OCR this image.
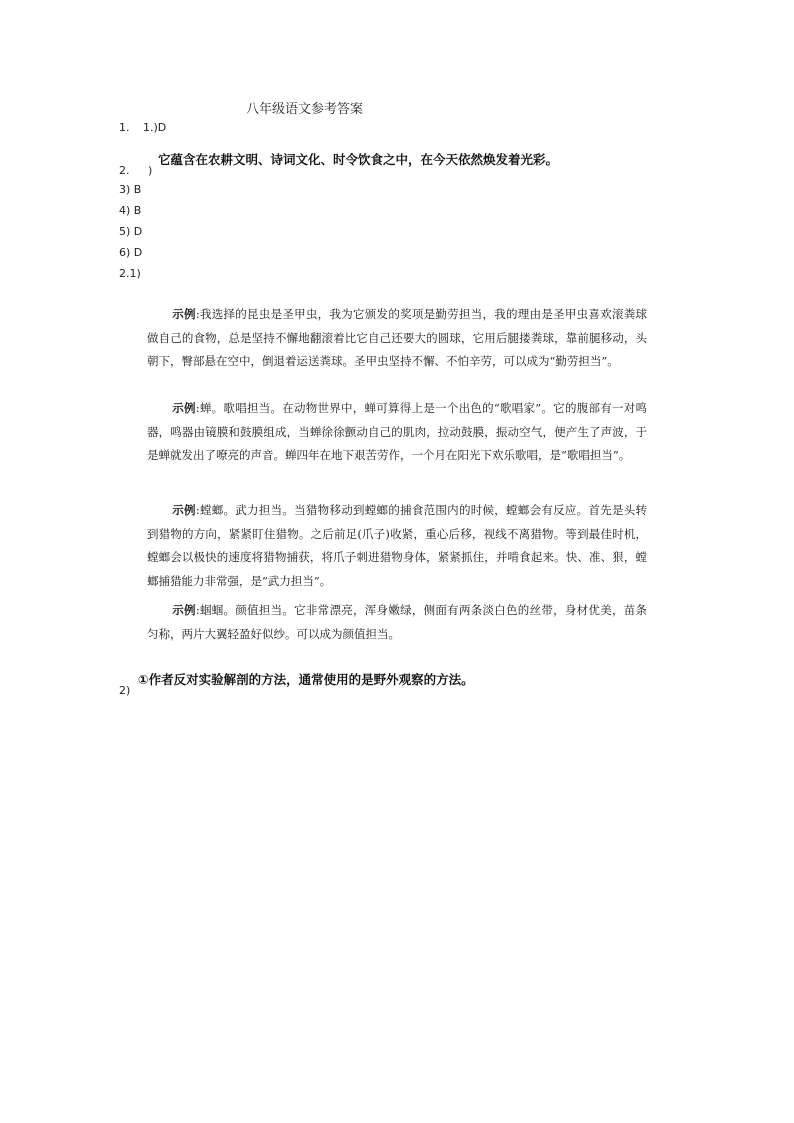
八年级语文参考答案
1. 1.)D
它蕴含在农耕文明、诗词文化、时令饮食之中，在今天依然焕发着光彩。
2. )
3) B
4) B
5) D
6) D
2.1)
示例:我选择的昆虫是圣甲虫，我为它颁发的奖项是勤劳担当，我的理由是圣甲虫喜欢滚粪球做自己的食物，总是坚持不懈地翻滚着比它自己还要大的圆球，它用后腿搂粪球，靠前腿移动，头朝下，臀部悬在空中，倒退着运送粪球。圣甲虫坚持不懈、不怕辛劳，可以成为“勤劳担当”。
示例:蝉。歌唱担当。在动物世界中，蝉可算得上是一个出色的“歌唱家”。它的腹部有一对鸣器，鸣器由镜膜和鼓膜组成，当蝉徐徐颤动自己的肌肉，拉动鼓膜，振动空气，便产生了声波，于是蝉就发出了嘹亮的声音。蝉四年在地下艰苦劳作，一个月在阳光下欢乐歌唱，是“歌唱担当”。
示例:螳螂。武力担当。当猎物移动到螳螂的捕食范围内的时候，螳螂会有反应。首先是头转到猎物的方向，紧紧盯住猎物。之后前足(爪子)收紧，重心后移，视线不离猎物。等到最佳时机，螳螂会以极快的速度将猎物捕获，将爪子刺进猎物身体，紧紧抓住，并啃食起来。快、准、狠，螳螂捕猎能力非常强，是“武力担当”。
示例:蝈蝈。颜值担当。它非常漂亮，浑身嫩绿，侧面有两条淡白色的丝带，身材优美，苗条匀称，两片大翼轻盈好似纱。可以成为颜值担当。
①作者反对实验解剖的方法，通常使用的是野外观察的方法。
2)
